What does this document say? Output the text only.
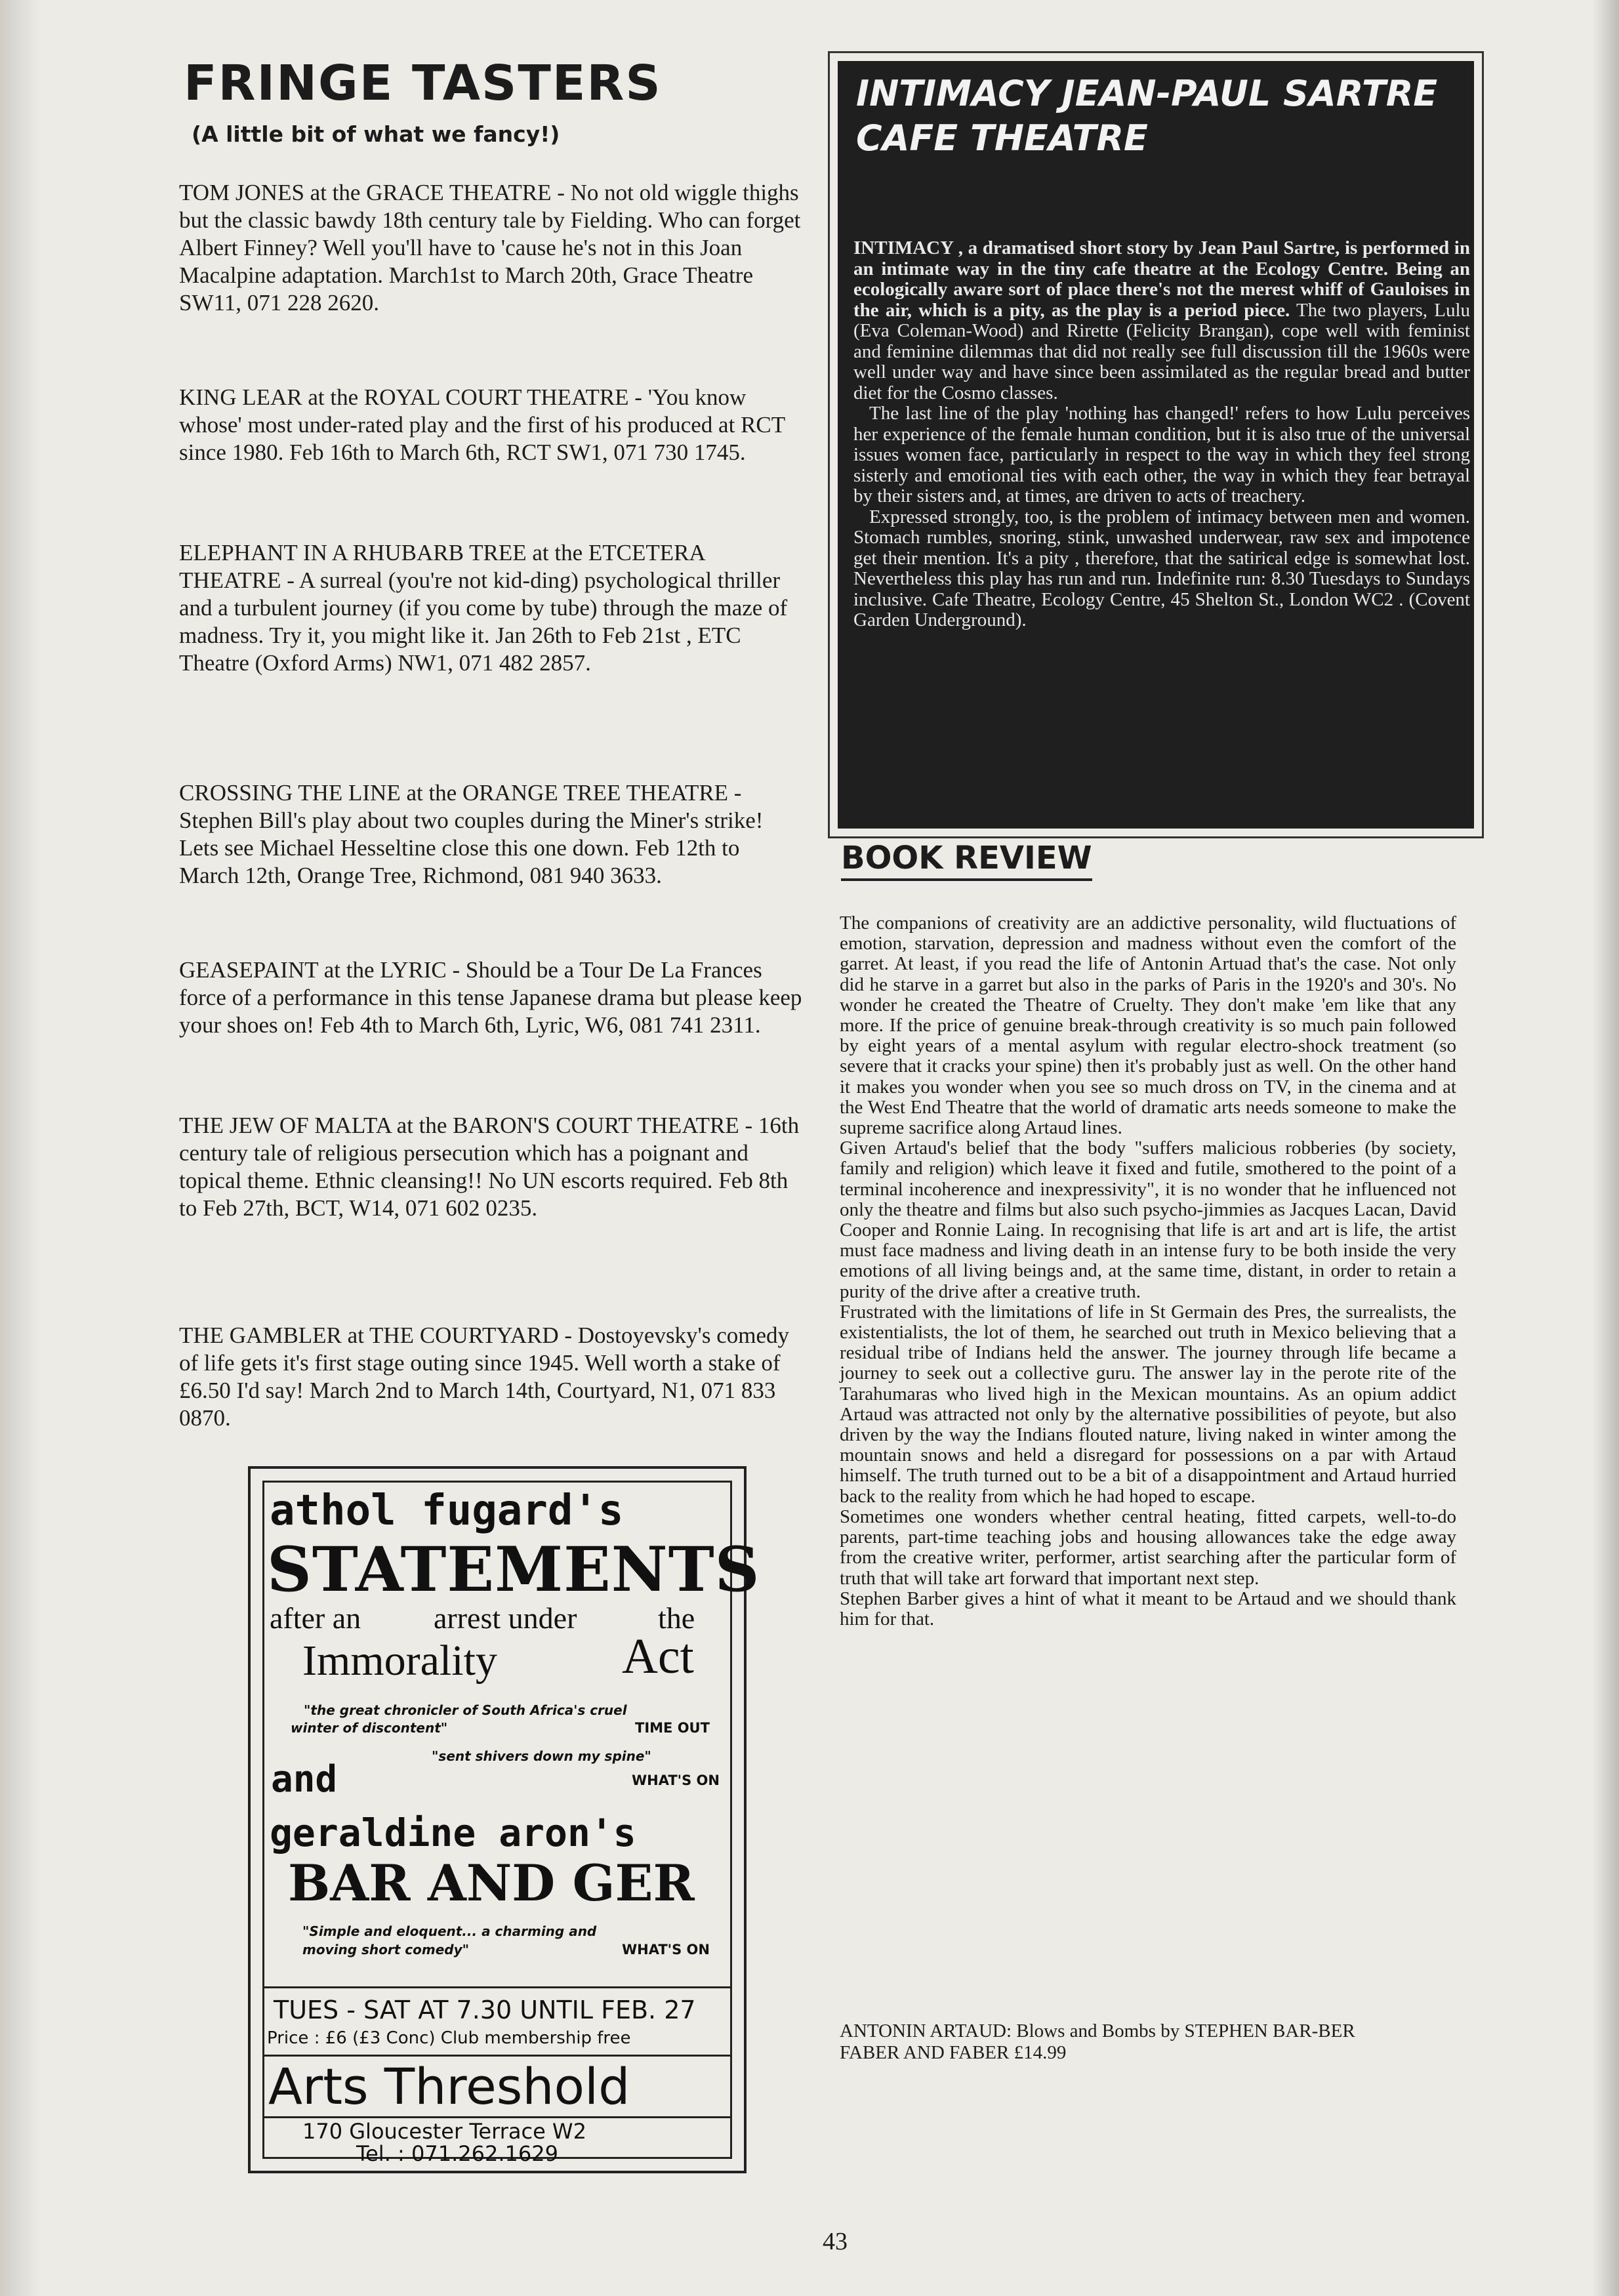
FRINGE TASTERS

(A little bit of what we fancy!)

TOM JONES at the GRACE THEATRE - No not old wiggle thighs but the classic bawdy 18th century tale by Fielding. Who can forget Albert Finney? Well you'll have to 'cause he's not in this Joan Macalpine adaptation. March1st to March 20th, Grace Theatre SW11, 071 228 2620.

KING LEAR at the ROYAL COURT THEATRE - 'You know whose' most under-rated play and the first of his produced at RCT since 1980. Feb 16th to March 6th, RCT SW1, 071 730 1745.

ELEPHANT IN A RHUBARB TREE at the ETCETERA THEATRE - A surreal (you're not kid-ding) psychological thriller and a turbulent journey (if you come by tube) through the maze of madness. Try it, you might like it. Jan 26th to Feb 21st , ETC Theatre (Oxford Arms) NW1, 071 482 2857.

CROSSING THE LINE at the ORANGE TREE THEATRE - Stephen Bill's play about two couples during the Miner's strike! Lets see Michael Hesseltine close this one down. Feb 12th to March 12th, Orange Tree, Richmond, 081 940 3633.

GEASEPAINT at the LYRIC - Should be a Tour De La Frances force of a performance in this tense Japanese drama but please keep your shoes on! Feb 4th to March 6th, Lyric, W6, 081 741 2311.

THE JEW OF MALTA at the BARON'S COURT THEATRE - 16th century tale of religious persecution which has a poignant and topical theme. Ethnic cleansing!! No UN escorts required. Feb 8th to Feb 27th, BCT, W14, 071 602 0235.

THE GAMBLER at THE COURTYARD - Dostoyevsky's comedy of life gets it's first stage outing since 1945. Well worth a stake of £6.50 I'd say! March 2nd to March 14th, Courtyard, N1, 071 833 0870.

athol fugard's
STATEMENTS
after an arrest under	the
Immorality	Act
"the great chronicler of South Africa's cruel
winter of discontent"	TIME OUT
"sent shivers down my spine"
and	WHAT'S ON
geraldine aron's
BAR AND GER
"Simple and eloquent... a charming and
moving short comedy"	WHAT'S ON
TUES - SAT AT 7.30 UNTIL FEB. 27
Price : £6 (£3 Conc) Club membership free
Arts Threshold
170 Gloucester Terrace W2
Tel. : 071.262.1629
INTIMACY JEAN-PAUL SARTRE CAFE THEATRE

INTIMACY , a dramatised short story by Jean Paul Sartre, is performed in an intimate way in the tiny cafe theatre at the Ecology Centre. Being an ecologically aware sort of place there's not the merest whiff of Gauloises in the air, which is a pity, as the play is a period piece. The two players, Lulu (Eva Coleman-Wood) and Rirette (Felicity Brangan), cope well with feminist and feminine dilemmas that did not really see full discussion till the 1960s were well under way and have since been assimilated as the regular bread and butter diet for the Cosmo classes.

The last line of the play 'nothing has changed!' refers to how Lulu perceives her experience of the female human condition, but it is also true of the universal issues women face, particularly in respect to the way in which they feel strong sisterly and emotional ties with each other, the way in which they fear betrayal by their sisters and, at times, are driven to acts of treachery.

Expressed strongly, too, is the problem of intimacy between men and women. Stomach rumbles, snoring, stink, unwashed underwear, raw sex and impotence get their mention. It's a pity , therefore, that the satirical edge is somewhat lost. Nevertheless this play has run and run. Indefinite run: 8.30 Tuesdays to Sundays inclusive. Cafe Theatre, Ecology Centre, 45 Shelton St., London WC2 . (Covent Garden Underground).

BOOK REVIEW

The companions of creativity are an addictive personality, wild fluctuations of emotion, starvation, depression and madness without even the comfort of the garret. At least, if you read the life of Antonin Artuad that's the case. Not only did he starve in a garret but also in the parks of Paris in the 1920's and 30's. No wonder he created the Theatre of Cruelty. They don't make 'em like that any more. If the price of genuine break-through creativity is so much pain followed by eight years of a mental asylum with regular electro-shock treatment (so severe that it cracks your spine) then it's probably just as well. On the other hand it makes you wonder when you see so much dross on TV, in the cinema and at the West End Theatre that the world of dramatic arts needs someone to make the supreme sacrifice along Artaud lines.

Given Artaud's belief that the body "suffers malicious robberies (by society, family and religion) which leave it fixed and futile, smothered to the point of a terminal incoherence and inexpressivity", it is no wonder that he influenced not only the theatre and films but also such psycho-jimmies as Jacques Lacan, David Cooper and Ronnie Laing. In recognising that life is art and art is life, the artist must face madness and living death in an intense fury to be both inside the very emotions of all living beings and, at the same time, distant, in order to retain a purity of the drive after a creative truth.

Frustrated with the limitations of life in St Germain des Pres, the surrealists, the existentialists, the lot of them, he searched out truth in Mexico believing that a residual tribe of Indians held the answer. The journey through life became a journey to seek out a collective guru. The answer lay in the perote rite of the Tarahumaras who lived high in the Mexican mountains. As an opium addict Artaud was attracted not only by the alternative possibilities of peyote, but also driven by the way the Indians flouted nature, living naked in winter among the mountain snows and held a disregard for possessions on a par with Artaud himself. The truth turned out to be a bit of a disappointment and Artaud hurried back to the reality from which he had hoped to escape.

Sometimes one wonders whether central heating, fitted carpets, well-to-do parents, part-time teaching jobs and housing allowances take the edge away from the creative writer, performer, artist searching after the particular form of truth that will take art forward that important next step.

Stephen Barber gives a hint of what it meant to be Artaud and we should thank him for that.

ANTONIN ARTAUD: Blows and Bombs by STEPHEN BAR-BER

FABER AND FABER £14.99

43
